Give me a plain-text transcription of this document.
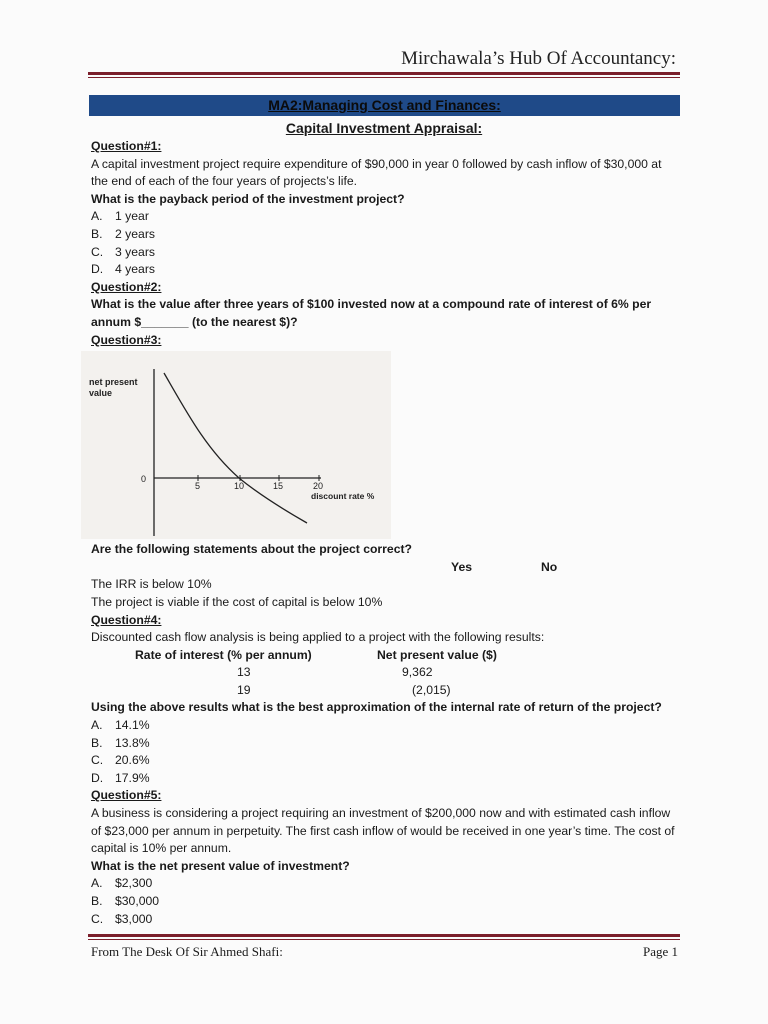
Mirchawala’s Hub Of Accountancy:
MA2:Managing Cost and Finances:
Capital Investment Appraisal:

Question#1:

A capital investment project require expenditure of $90,000 in year 0 followed by cash inflow of $30,000 at the end of each of the four years of projects’s life.

What is the payback period of the investment project?

A.	1 year
B.	2 years
C. 3 years
D. 4 years

Question#2:

What is the value after three years of $100 invested now at a compound rate of interest of 6% per annum $_______ (to the nearest $)?

Question#3:

net present
value
0
5	10	15	20
discount rate %

Are the following statements about the project correct?

Yes	No

The IRR is below 10%

The project is viable if the cost of capital is below 10%

Question#4:

Discounted cash flow analysis is being applied to a project with the following results:

Rate of interest (% per annum)	Net present value ($)
13	9,362
19	(2,015)

Using the above results what is the best approximation of the internal rate of return of the project?

A.	14.1%
B.	13.8%
C. 20.6%
D. 17.9%

Question#5:

A business is considering a project requiring an investment of $200,000 now and with estimated cash inflow of $23,000 per annum in perpetuity. The first cash inflow of would be received in one year’s time. The cost of capital is 10% per annum.

What is the net present value of investment?

A.	$2,300
B.	$30,000
C. $3,000
From The Desk Of Sir Ahmed Shafi:	Page 1
